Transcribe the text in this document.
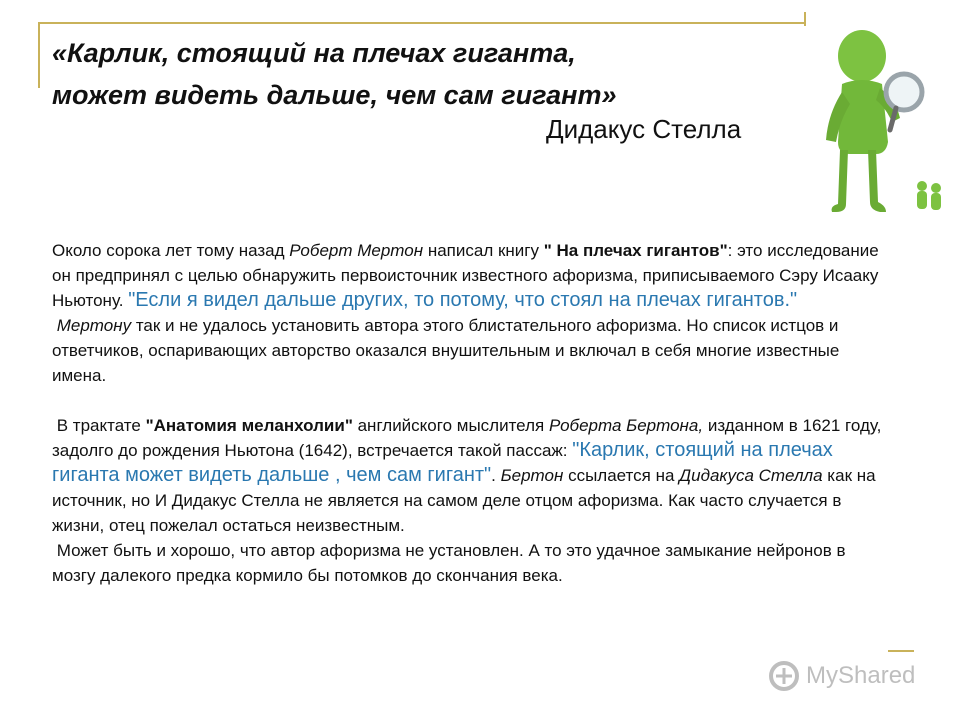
«Карлик, стоящий на плечах гиганта,
может видеть дальше, чем сам гигант»
Дидакус Стелла

Около сорока лет тому назад Роберт Мертон написал книгу " На плечах гигантов": это исследование он предпринял с целью обнаружить первоисточник известного афоризма, приписываемого Сэру Исааку Ньютону. "Если я видел дальше других, то потому, что стоял на плечах гигантов."

Мертону так и не удалось установить автора этого блистательного афоризма. Но список истцов и ответчиков, оспаривающих авторство оказался внушительным и включал в себя многие известные имена.

В трактате "Анатомия меланхолии" английского мыслителя Роберта Бертона, изданном в 1621 году, задолго до рождения Ньютона (1642), встречается такой пассаж: "Карлик, стоящий на плечах гиганта может видеть дальше , чем сам гигант". Бертон ссылается на Дидакуса Стелла как на источник, но И Дидакус Стелла не является на самом деле отцом афоризма. Как часто случается в жизни, отец пожелал остаться неизвестным.

Может быть и хорошо, что автор афоризма не установлен. А то это удачное замыкание нейронов в мозгу далекого предка кормило бы потомков до скончания века.

MyShared
